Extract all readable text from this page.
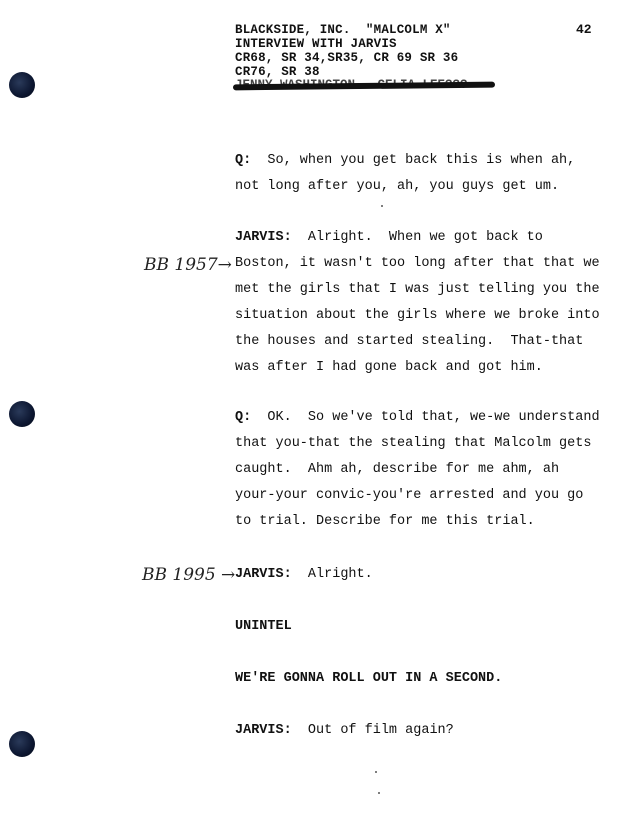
BLACKSIDE, INC.  "MALCOLM X"
INTERVIEW WITH JARVIS
CR68, SR 34,SR35, CR 69 SR 36
CR76, SR 38
42
Q: So, when you get back this is when ah,
not long after you, ah, you guys get um.
JARVIS: Alright.  When we got back to
Boston, it wasn't too long after that that we
met the girls that I was just telling you the
situation about the girls where we broke into
the houses and started stealing.  That-that
was after I had gone back and got him.
Q: OK.  So we've told that, we-we understand
that you-that the stealing that Malcolm gets
caught.  Ahm ah, describe for me ahm, ah
your-your convic-you're arrested and you go
to trial. Describe for me this trial.
JARVIS: Alright.
UNINTEL
WE'RE GONNA ROLL OUT IN A SECOND.
JARVIS: Out of film again?
BB 1957→
BB 1995 →
